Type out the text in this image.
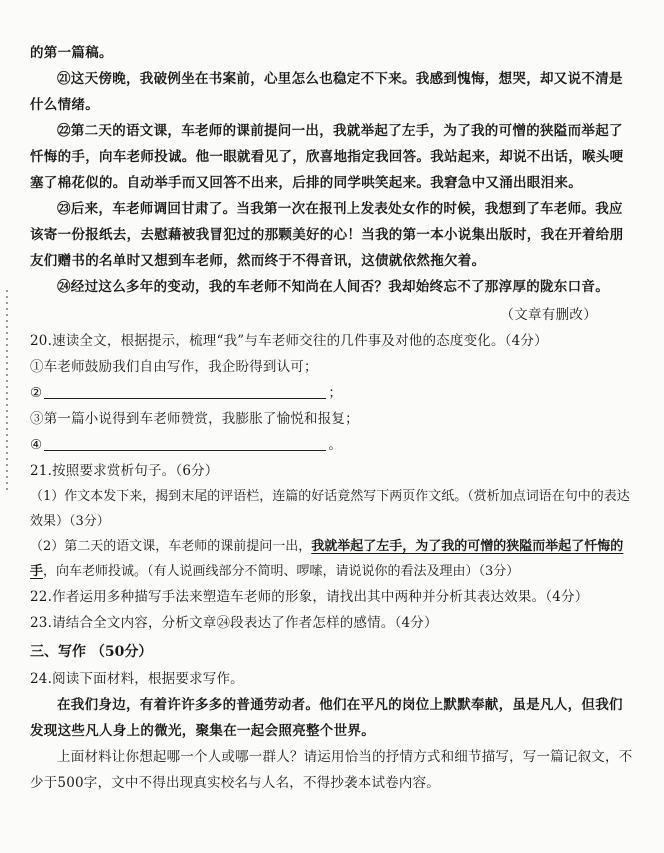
的第一篇稿。

㉑这天傍晚，我破例坐在书案前，心里怎么也稳定不下来。我感到愧悔，想哭，却又说不清是什么情绪。

㉒第二天的语文课，车老师的课前提问一出，我就举起了左手，为了我的可憎的狭隘而举起了忏悔的手，向车老师投诚。他一眼就看见了，欣喜地指定我回答。我站起来，却说不出话，喉头哽塞了棉花似的。自动举手而又回答不出来，后排的同学哄笑起来。我窘急中又涌出眼泪来。

㉓后来，车老师调回甘肃了。当我第一次在报刊上发表处女作的时候，我想到了车老师。我应该寄一份报纸去，去慰藉被我冒犯过的那颗美好的心！当我的第一本小说集出版时，我在开着给朋友们赠书的名单时又想到车老师，然而终于不得音讯，这债就依然拖欠着。

㉔经过这么多年的变动，我的车老师不知尚在人间否？我却始终忘不了那淳厚的陇东口音。

（文章有删改）

20.速读全文，根据提示，梳理“我”与车老师交往的几件事及对他的态度变化。（4分）

①车老师鼓励我们自由写作，我企盼得到认可；

②	；

③第一篇小说得到车老师赞赏，我膨胀了愉悦和报复；

④	。

21.按照要求赏析句子。（6分）

（1）作文本发下来，揭到末尾的评语栏，连篇的好话竟然写下两页作文纸。（赏析加点词语在句中的表达效果）（3分）

（2）第二天的语文课，车老师的课前提问一出，我就举起了左手，为了我的可憎的狭隘而举起了忏悔的手，向车老师投诚。（有人说画线部分不简明、啰嗦，请说说你的看法及理由）（3分）

22.作者运用多种描写手法来塑造车老师的形象，请找出其中两种并分析其表达效果。（4分）

23.请结合全文内容，分析文章㉔段表达了作者怎样的感情。（4分）

三、写作 （50分）

24.阅读下面材料，根据要求写作。

在我们身边，有着许许多多的普通劳动者。他们在平凡的岗位上默默奉献，虽是凡人，但我们发现这些凡人身上的微光，聚集在一起会照亮整个世界。

上面材料让你想起哪一个人或哪一群人？请运用恰当的抒情方式和细节描写，写一篇记叙文，不少于500字，文中不得出现真实校名与人名，不得抄袭本试卷内容。
